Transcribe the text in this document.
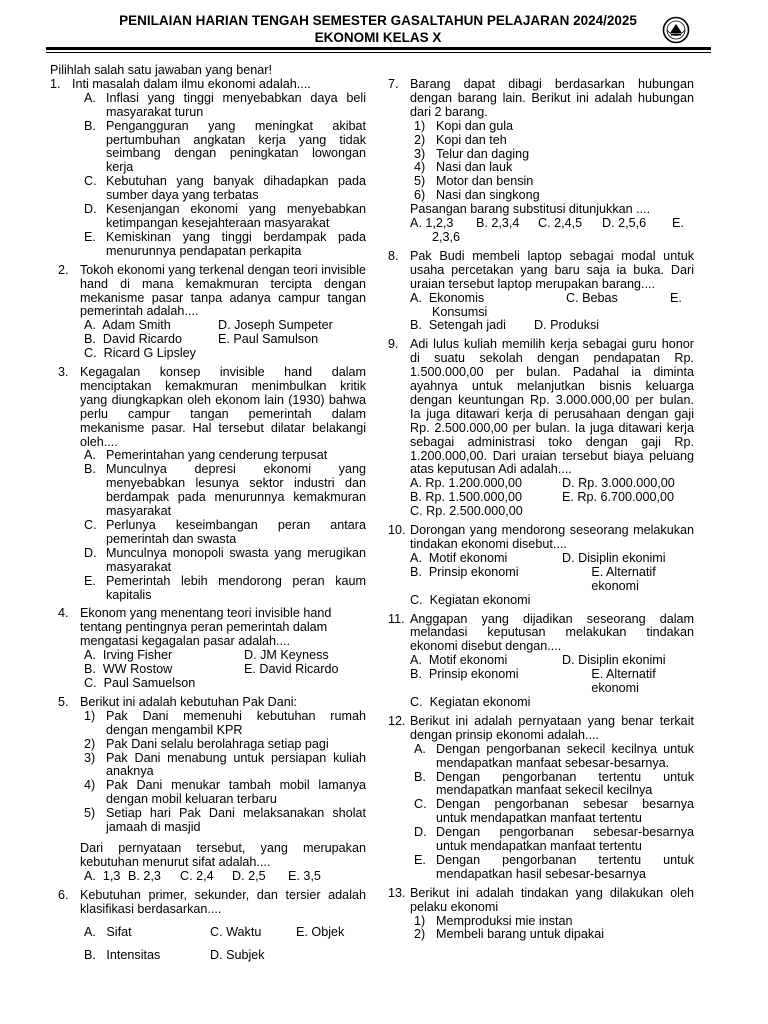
PENILAIAN HARIAN TENGAH SEMESTER GASALTAHUN PELAJARAN 2024/2025

EKONOMI KELAS X

Pilihlah salah satu jawaban yang benar!

1. Inti masalah dalam ilmu ekonomi adalah....

A. Inflasi yang tinggi menyebabkan daya beli masyarakat turun
B. Pengangguran yang meningkat akibat pertumbuhan angkatan kerja yang tidak seimbang dengan peningkatan lowongan kerja
C. Kebutuhan yang banyak dihadapkan pada sumber daya yang terbatas
D. Kesenjangan ekonomi yang menyebabkan ketimpangan kesejahteraan masyarakat
E. Kemiskinan yang tinggi berdampak pada menurunnya pendapatan perkapita
2. Tokoh ekonomi yang terkenal dengan teori invisible hand di mana kemakmuran tercipta dengan mekanisme pasar tanpa adanya campur tangan pemerintah adalah....

A. Adam Smith	D. Joseph Sumpeter
B. David Ricardo	E. Paul Samulson
C. Ricard G Lipsley
3. Kegagalan konsep invisible hand dalam menciptakan kemakmuran menimbulkan kritik yang diungkapkan oleh ekonom lain (1930) bahwa perlu campur tangan pemerintah dalam mekanisme pasar. Hal tersebut dilatar belakangi oleh....

A. Pemerintahan yang cenderung terpusat
B. Munculnya depresi ekonomi yang menyebabkan lesunya sektor industri dan berdampak pada menurunnya kemakmuran masyarakat
C. Perlunya keseimbangan peran antara pemerintah dan swasta
D. Munculnya monopoli swasta yang merugikan masyarakat
E. Pemerintah lebih mendorong peran kaum kapitalis
4. Ekonom yang menentang teori invisible hand tentang pentingnya peran pemerintah dalam mengatasi kegagalan pasar adalah....

A. Irving Fisher	D. JM Keyness
B. WW Rostow	E. David Ricardo
C. Paul Samuelson
5. Berikut ini adalah kebutuhan Pak Dani:

1) Pak Dani memenuhi kebutuhan rumah dengan mengambil KPR
2) Pak Dani selalu berolahraga setiap pagi
3) Pak Dani menabung untuk persiapan kuliah anaknya
4) Pak Dani menukar tambah mobil lamanya dengan mobil keluaran terbaru
5) Setiap hari Pak Dani melaksanakan sholat jamaah di masjid

Dari pernyataan tersebut, yang merupakan kebutuhan menurut sifat adalah....

A. 1,3 B. 2,3	C. 2,4	D. 2,5	E. 3,5
6. Kebutuhan primer, sekunder, dan tersier adalah klasifikasi berdasarkan....

A. Sifat	C. Waktu	E. Objek
B. Intensitas	D. Subjek
7. Barang dapat dibagi berdasarkan hubungan dengan barang lain. Berikut ini adalah hubungan dari 2 barang.

1) Kopi dan gula
2) Kopi dan teh
3) Telur dan daging
4) Nasi dan lauk
5) Motor dan bensin
6) Nasi dan singkong

Pasangan barang substitusi ditunjukkan ....

A. 1,2,3	B. 2,3,4	C. 2,4,5	D. 2,5,6	E.
2,3,6
8. Pak Budi membeli laptop sebagai modal untuk usaha percetakan yang baru saja ia buka. Dari uraian tersebut laptop merupakan barang....

A. Ekonomis	C. Bebas	E.
Konsumsi
B. Setengah jadi	D. Produksi
9. Adi lulus kuliah memilih kerja sebagai guru honor di suatu sekolah dengan pendapatan Rp. 1.500.000,00 per bulan. Padahal ia diminta ayahnya untuk melanjutkan bisnis keluarga dengan keuntungan Rp. 3.000.000,00 per bulan. Ia juga ditawari kerja di perusahaan dengan gaji Rp. 2.500.000,00 per bulan. Ia juga ditawari kerja sebagai administrasi toko dengan gaji Rp. 1.200.000,00. Dari uraian tersebut biaya peluang atas keputusan Adi adalah....

A. Rp. 1.200.000,00	D. Rp. 3.000.000,00
B. Rp. 1.500.000,00	E. Rp. 6.700.000,00
C. Rp. 2.500.000,00
10. Dorongan yang mendorong seseorang melakukan tindakan ekonomi disebut....

A. Motif ekonomi	D. Disiplin ekonimi
B. Prinsip ekonomi	E. Alternatif ekonomi
C. Kegiatan ekonomi
11. Anggapan yang dijadikan seseorang dalam melandasi keputusan melakukan tindakan ekonomi disebut dengan....

A. Motif ekonomi	D. Disiplin ekonimi
B. Prinsip ekonomi	E. Alternatif ekonomi
C. Kegiatan ekonomi
12. Berikut ini adalah pernyataan yang benar terkait dengan prinsip ekonomi adalah....

A. Dengan pengorbanan sekecil kecilnya untuk mendapatkan manfaat sebesar-besarnya.
B. Dengan pengorbanan tertentu untuk mendapatkan manfaat sekecil kecilnya
C. Dengan pengorbanan sebesar besarnya untuk mendapatkan manfaat tertentu
D. Dengan pengorbanan sebesar-besarnya untuk mendapatkan manfaat tertentu
E. Dengan pengorbanan tertentu untuk mendapatkan hasil sebesar-besarnya
13. Berikut ini adalah tindakan yang dilakukan oleh pelaku ekonomi

1) Memproduksi mie instan
2) Membeli barang untuk dipakai
